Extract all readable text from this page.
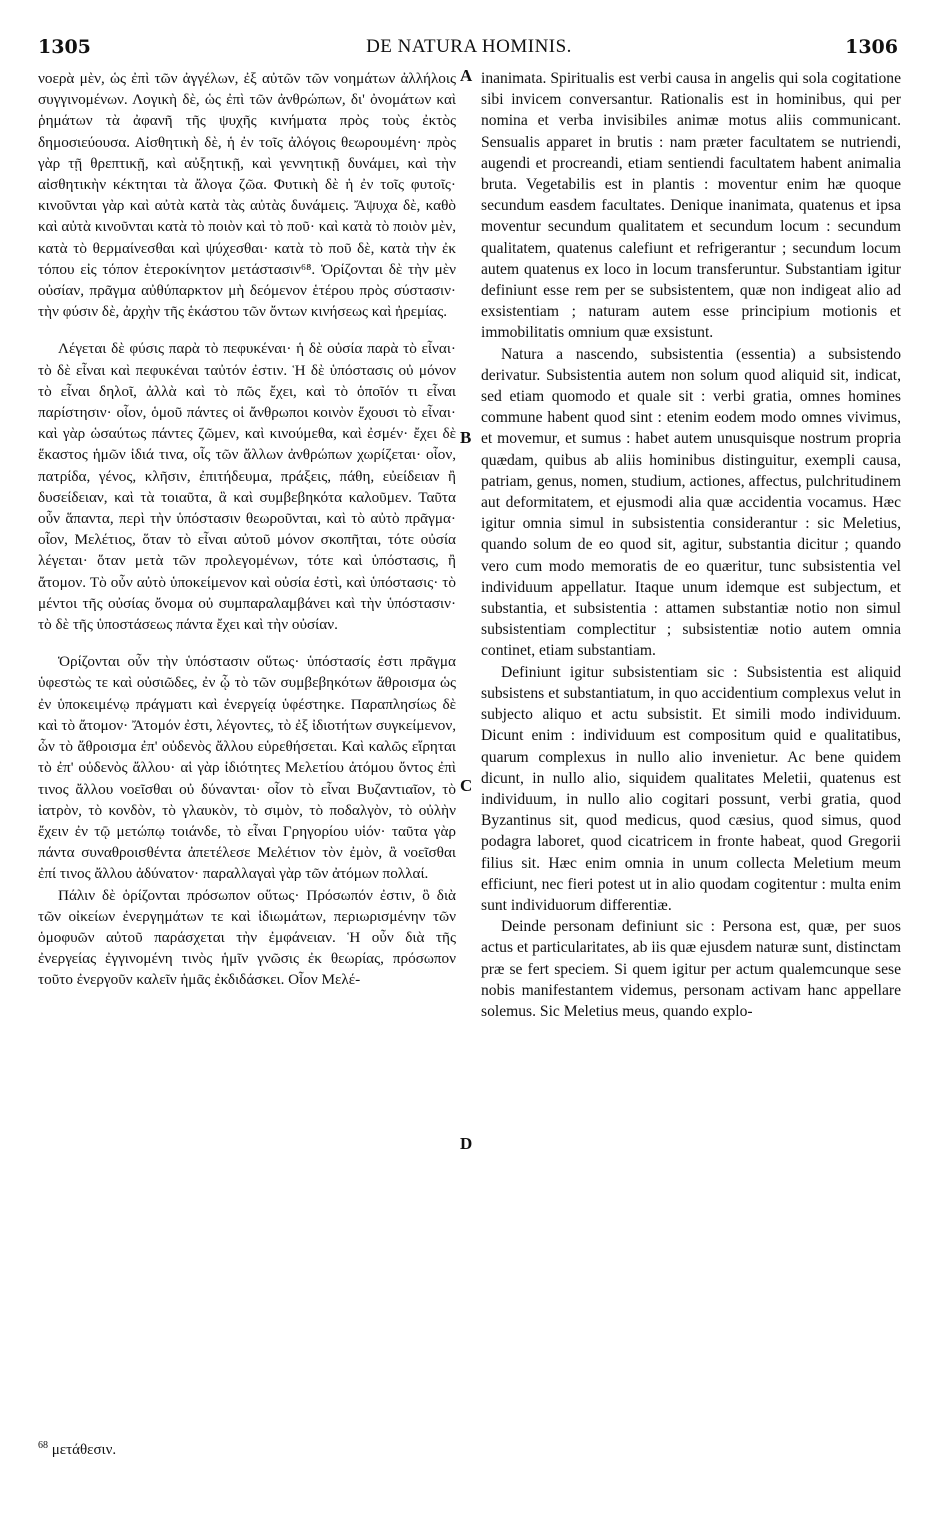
1305	DE NATURA HOMINIS.	1306

νοερὰ μὲν, ὡς ἐπὶ τῶν ἀγγέλων, ἐξ αὐτῶν τῶν νοημάτων ἀλλήλοις συγγινομένων. Λογικὴ δὲ, ὡς ἐπὶ τῶν ἀνθρώπων, δι' ὀνομάτων καὶ ῥημάτων τὰ ἀφανῆ τῆς ψυχῆς κινήματα πρὸς τοὺς ἐκτὸς δημοσιεύουσα. Αἰσθητικὴ δὲ, ἡ ἐν τοῖς ἀλόγοις θεωρουμένη· πρὸς γὰρ τῇ θρεπτικῇ, καὶ αὐξητικῇ, καὶ γεννητικῇ δυνάμει, καὶ τὴν αἰσθητικὴν κέκτηται τὰ ἄλογα ζῶα. Φυτικὴ δὲ ἡ ἐν τοῖς φυτοῖς· κινοῦνται γὰρ καὶ αὐτὰ κατὰ τὰς αὐτὰς δυνάμεις. Ἄψυχα δὲ, καθὸ καὶ αὐτὰ κινοῦνται κατὰ τὸ ποιὸν καὶ τὸ ποῦ· καὶ κατὰ τὸ ποιὸν μὲν, κατὰ τὸ θερμαίνεσθαι καὶ ψύχεσθαι· κατὰ τὸ ποῦ δὲ, κατὰ τὴν ἐκ τόπου εἰς τόπον ἑτεροκίνητον μετάστασιν⁶⁸. Ὁρίζονται δὲ τὴν μὲν οὐσίαν, πρᾶγμα αὐθύπαρκτον μὴ δεόμενον ἑτέρου πρὸς σύστασιν· τὴν φύσιν δὲ, ἀρχὴν τῆς ἑκάστου τῶν ὄντων κινήσεως καὶ ἠρεμίας.

Λέγεται δὲ φύσις παρὰ τὸ πεφυκέναι· ἡ δὲ οὐσία παρὰ τὸ εἶναι· τὸ δὲ εἶναι καὶ πεφυκέναι ταὐτόν ἐστιν. Ἡ δὲ ὑπόστασις οὐ μόνον τὸ εἶναι δηλοῖ, ἀλλὰ καὶ τὸ πῶς ἔχει, καὶ τὸ ὁποῖόν τι εἶναι παρίστησιν· οἷον, ὁμοῦ πάντες οἱ ἄνθρωποι κοινὸν ἔχουσι τὸ εἶναι· καὶ γὰρ ὡσαύτως πάντες ζῶμεν, καὶ κινούμεθα, καὶ ἐσμέν· ἔχει δὲ ἕκαστος ἡμῶν ἰδιά τινα, οἷς τῶν ἄλλων ἀνθρώπων χωρίζεται· οἷον, πατρίδα, γένος, κλῆσιν, ἐπιτήδευμα, πράξεις, πάθη, εὐείδειαν ἢ δυσείδειαν, καὶ τὰ τοιαῦτα, ἃ καὶ συμβεβηκότα καλοῦμεν. Ταῦτα οὖν ἅπαντα, περὶ τὴν ὑπόστασιν θεωροῦνται, καὶ τὸ αὐτὸ πρᾶγμα· οἷον, Μελέτιος, ὅταν τὸ εἶναι αὐτοῦ μόνον σκοπῆται, τότε οὐσία λέγεται· ὅταν μετὰ τῶν προλεγομένων, τότε καὶ ὑπόστασις, ἢ ἄτομον. Τὸ οὖν αὐτὸ ὑποκείμενον καὶ οὐσία ἐστὶ, καὶ ὑπόστασις· τὸ μέντοι τῆς οὐσίας ὄνομα οὐ συμπαραλαμβάνει καὶ τὴν ὑπόστασιν· τὸ δὲ τῆς ὑποστάσεως πάντα ἔχει καὶ τὴν οὐσίαν.

Ὁρίζονται οὖν τὴν ὑπόστασιν οὕτως· ὑπόστασίς ἐστι πρᾶγμα ὑφεστὼς τε καὶ οὐσιῶδες, ἐν ᾧ τὸ τῶν συμβεβηκότων ἄθροισμα ὡς ἐν ὑποκειμένῳ πράγματι καὶ ἐνεργείᾳ ὑφέστηκε. Παραπλησίως δὲ καὶ τὸ ἄτομον· Ἄτομόν ἐστι, λέγοντες, τὸ ἐξ ἰδιοτήτων συγκείμενον, ὧν τὸ ἄθροισμα ἐπ' οὐδενὸς ἄλλου εὑρεθήσεται. Καὶ καλῶς εἴρηται τὸ ἐπ' οὐδενὸς ἄλλου· αἱ γὰρ ἰδιότητες Μελετίου ἀτόμου ὄντος ἐπὶ τινος ἄλλου νοεῖσθαι οὐ δύνανται· οἷον τὸ εἶναι Βυζαντιαῖον, τὸ ἰατρὸν, τὸ κονδὸν, τὸ γλαυκὸν, τὸ σιμὸν, τὸ ποδαλγὸν, τὸ οὐλὴν ἔχειν ἐν τῷ μετώπῳ τοιάνδε, τὸ εἶναι Γρηγορίου υἱόν· ταῦτα γὰρ πάντα συναθροισθέντα ἀπετέλεσε Μελέτιον τὸν ἐμὸν, ἃ νοεῖσθαι ἐπί τινος ἄλλου ἀδύνατον· παραλλαγαὶ γὰρ τῶν ἀτόμων πολλαί.

Πάλιν δὲ ὁρίζονται πρόσωπον οὕτως· Πρόσωπόν ἐστιν, ὃ διὰ τῶν οἰκείων ἐνεργημάτων τε καὶ ἰδιωμάτων, περιωρισμένην τῶν ὁμοφυῶν αὐτοῦ παράσχεται τὴν ἐμφάνειαν. Ἡ οὖν διὰ τῆς ἐνεργείας ἐγγινομένη τινὸς ἡμῖν γνῶσις ἐκ θεωρίας, πρόσωπον τοῦτο ἐνεργοῦν καλεῖν ἡμᾶς ἐκδιδάσκει. Οἷον Μελέ-

inanimata. Spiritualis est verbi causa in angelis qui sola cogitatione sibi invicem conversantur. Rationalis est in hominibus, qui per nomina et verba invisibiles animæ motus aliis communicant. Sensualis apparet in brutis : nam præter facultatem se nutriendi, augendi et procreandi, etiam sentiendi facultatem habent animalia bruta. Vegetabilis est in plantis : moventur enim hæ quoque secundum easdem facultates. Denique inanimata, quatenus et ipsa moventur secundum qualitatem et secundum locum : secundum qualitatem, quatenus calefiunt et refrigerantur ; secundum locum autem quatenus ex loco in locum transferuntur. Substantiam igitur definiunt esse rem per se subsistentem, quæ non indigeat alio ad exsistentiam ; naturam autem esse principium motionis et immobilitatis omnium quæ exsistunt.

Natura a nascendo, subsistentia (essentia) a subsistendo derivatur. Subsistentia autem non solum quod aliquid sit, indicat, sed etiam quomodo et quale sit : verbi gratia, omnes homines commune habent quod sint : etenim eodem modo omnes vivimus, et movemur, et sumus : habet autem unusquisque nostrum propria quædam, quibus ab aliis hominibus distinguitur, exempli causa, patriam, genus, nomen, studium, actiones, affectus, pulchritudinem aut deformitatem, et ejusmodi alia quæ accidentia vocamus. Hæc igitur omnia simul in subsistentia considerantur : sic Meletius, quando solum de eo quod sit, agitur, substantia dicitur ; quando vero cum modo memoratis de eo quæritur, tunc subsistentia vel individuum appellatur. Itaque unum idemque est subjectum, et substantia, et subsistentia : attamen substantiæ notio non simul subsistentiam complectitur ; subsistentiæ notio autem omnia continet, etiam substantiam.

Definiunt igitur subsistentiam sic : Subsistentia est aliquid subsistens et substantiatum, in quo accidentium complexus velut in subjecto aliquo et actu subsistit. Et simili modo individuum. Dicunt enim : individuum est compositum quid e qualitatibus, quarum complexus in nullo alio invenietur. Ac bene quidem dicunt, in nullo alio, siquidem qualitates Meletii, quatenus est individuum, in nullo alio cogitari possunt, verbi gratia, quod Byzantinus sit, quod medicus, quod cæsius, quod simus, quod podagra laboret, quod cicatricem in fronte habeat, quod Gregorii filius sit. Hæc enim omnia in unum collecta Meletium meum efficiunt, nec fieri potest ut in alio quodam cogitentur : multa enim sunt individuorum differentiæ.

Deinde personam definiunt sic : Persona est, quæ, per suos actus et particularitates, ab iis quæ ejusdem naturæ sunt, distinctam præ se fert speciem. Si quem igitur per actum qualemcunque sese nobis manifestantem videmus, personam activam hanc appellare solemus. Sic Meletius meus, quando explo-

A
B
C
D
$^{68}$ μετάθεσιν.
